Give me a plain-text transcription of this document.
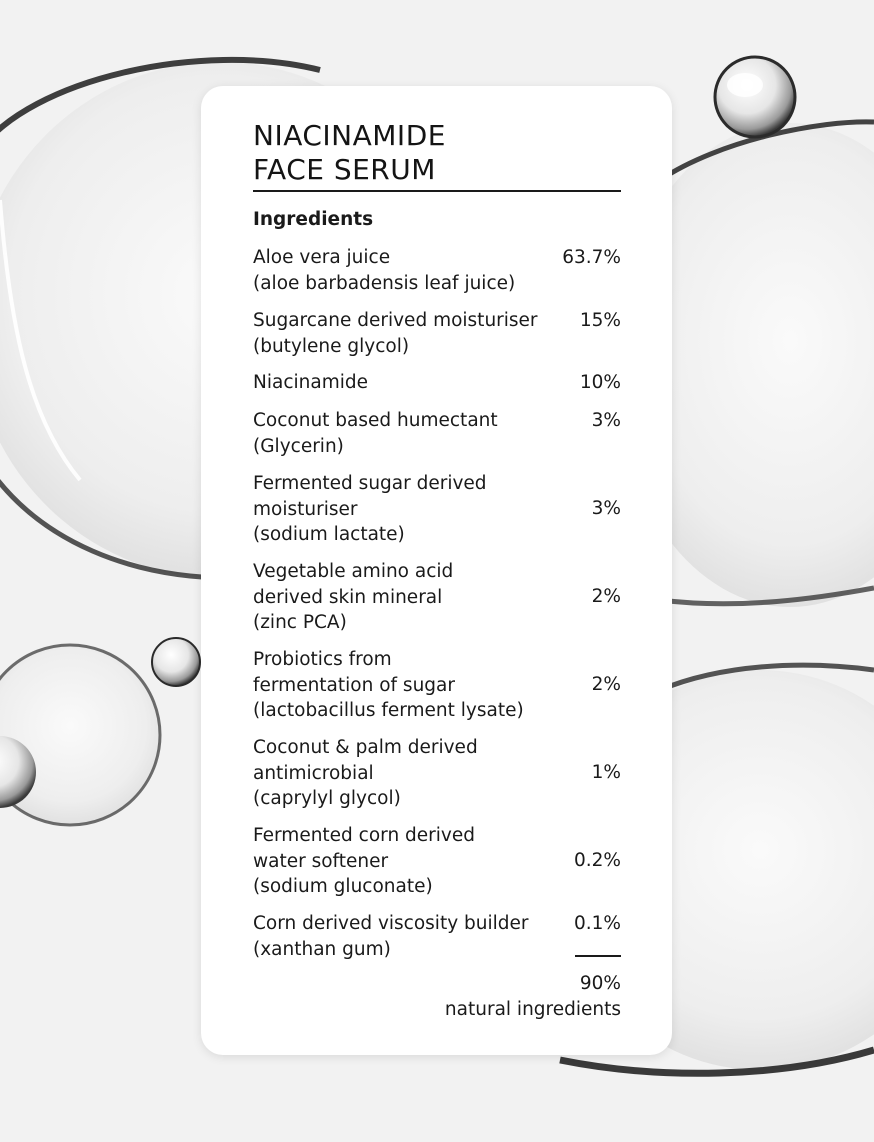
NIACINAMIDE
FACE SERUM
Ingredients
Aloe vera juice
(aloe barbadensis leaf juice)
63.7%
Sugarcane derived moisturiser
(butylene glycol)
15%
Niacinamide	10%
Coconut based humectant
(Glycerin)
3%
Fermented sugar derived
moisturiser
(sodium lactate)
3%
Vegetable amino acid
derived skin mineral
(zinc PCA)
2%
Probiotics from
fermentation of sugar
(lactobacillus ferment lysate)
2%
Coconut & palm derived
antimicrobial
(caprylyl glycol)
1%
Fermented corn derived
water softener
(sodium gluconate)
0.2%
Corn derived viscosity builder
(xanthan gum)
0.1%
90%
natural ingredients
